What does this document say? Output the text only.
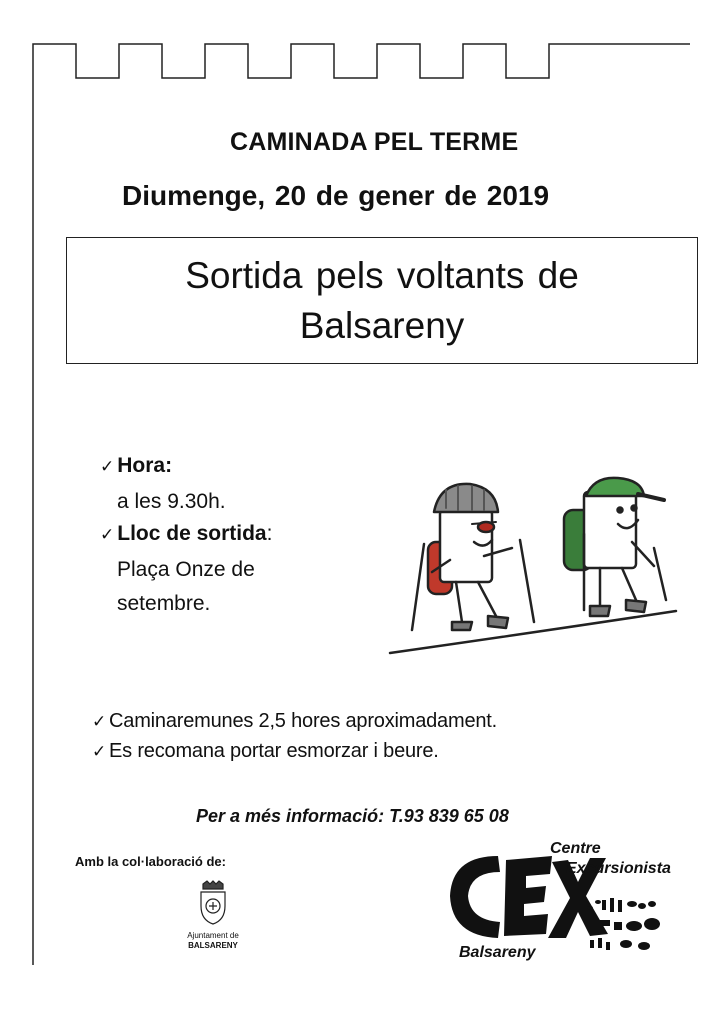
CAMINADA PEL TERME
Diumenge, 20 de gener de 2019
Sortida pels voltants de
Balsareny
✓ Hora:
a les 9.30h.
✓ Lloc de sortida:
Plaça Onze de
setembre.
✓ Caminaremunes 2,5 hores aproximadament.
✓ Es recomana portar esmorzar i beure.
Per a més informació: T.93 839 65 08
Amb la col·laboració de:
Ajuntament de
BALSARENY
Centre
Excursionista
Balsareny
